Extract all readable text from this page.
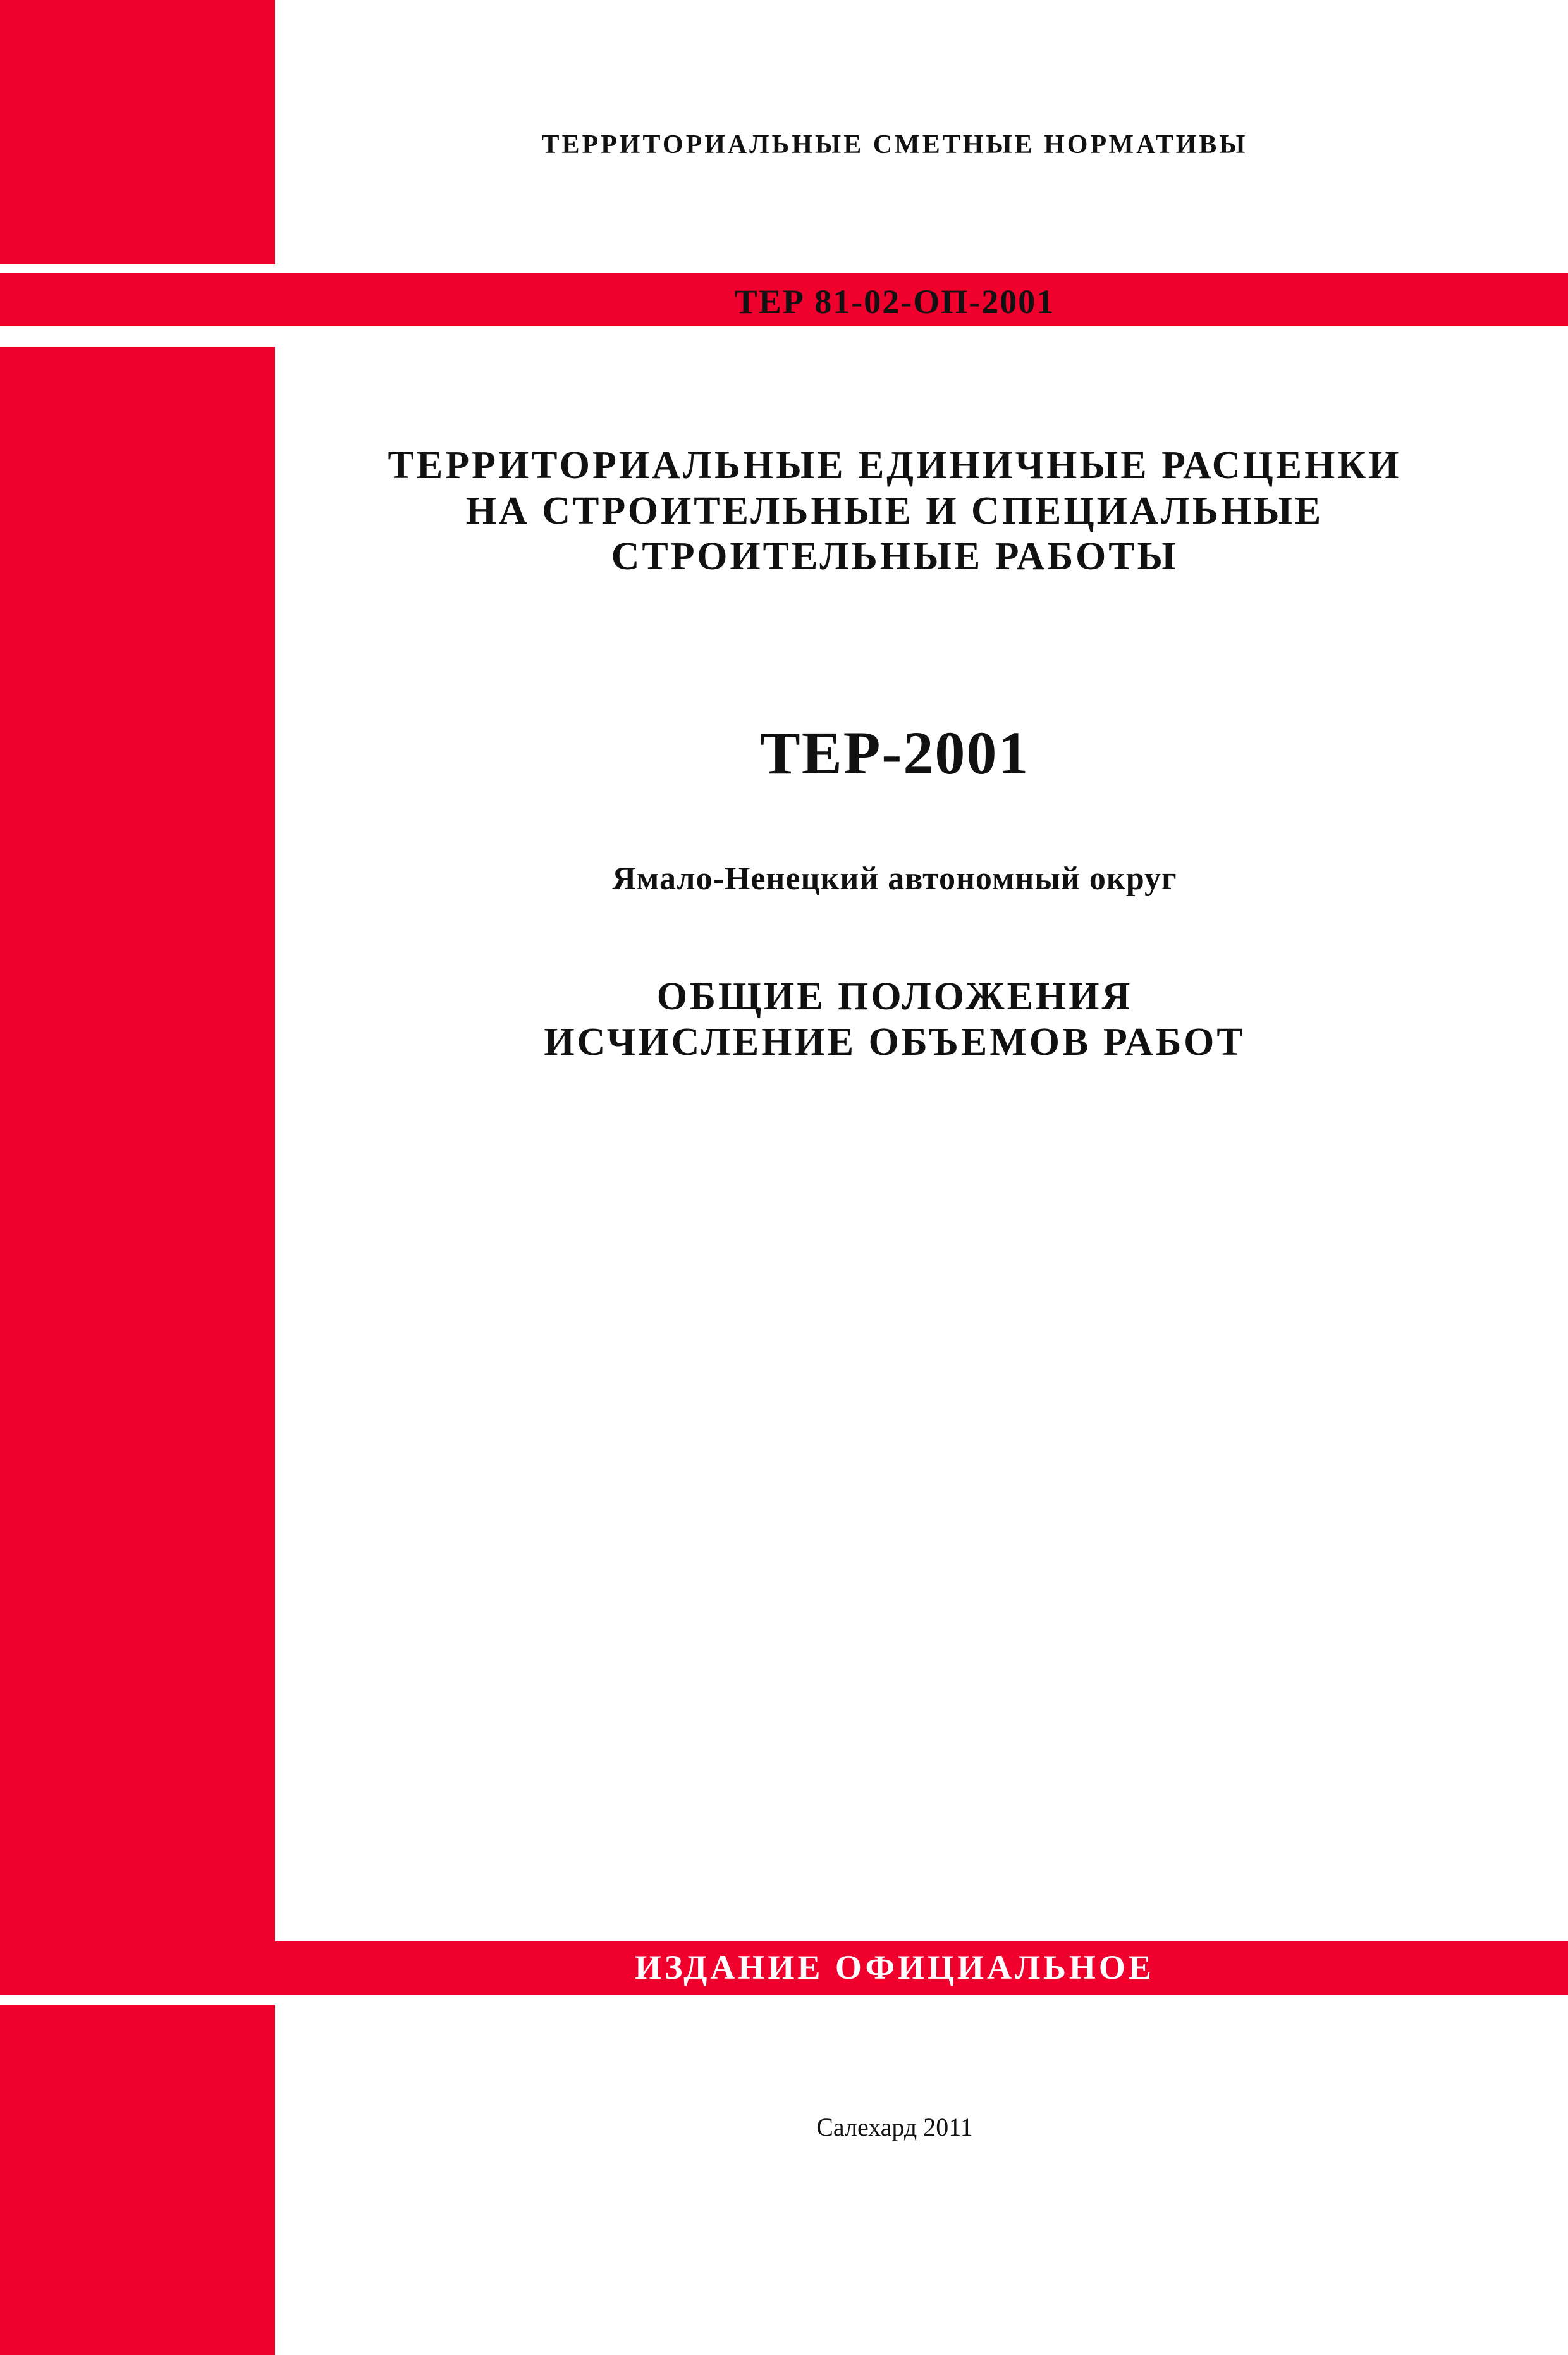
ТЕРРИТОРИАЛЬНЫЕ СМЕТНЫЕ НОРМАТИВЫ
ТЕР 81-02-ОП-2001
ТЕРРИТОРИАЛЬНЫЕ ЕДИНИЧНЫЕ РАСЦЕНКИ
НА СТРОИТЕЛЬНЫЕ И СПЕЦИАЛЬНЫЕ
СТРОИТЕЛЬНЫЕ РАБОТЫ
ТЕР-2001
Ямало-Ненецкий автономный округ
ОБЩИЕ ПОЛОЖЕНИЯ
ИСЧИСЛЕНИЕ ОБЪЕМОВ РАБОТ
ИЗДАНИЕ ОФИЦИАЛЬНОЕ
Салехард 2011
